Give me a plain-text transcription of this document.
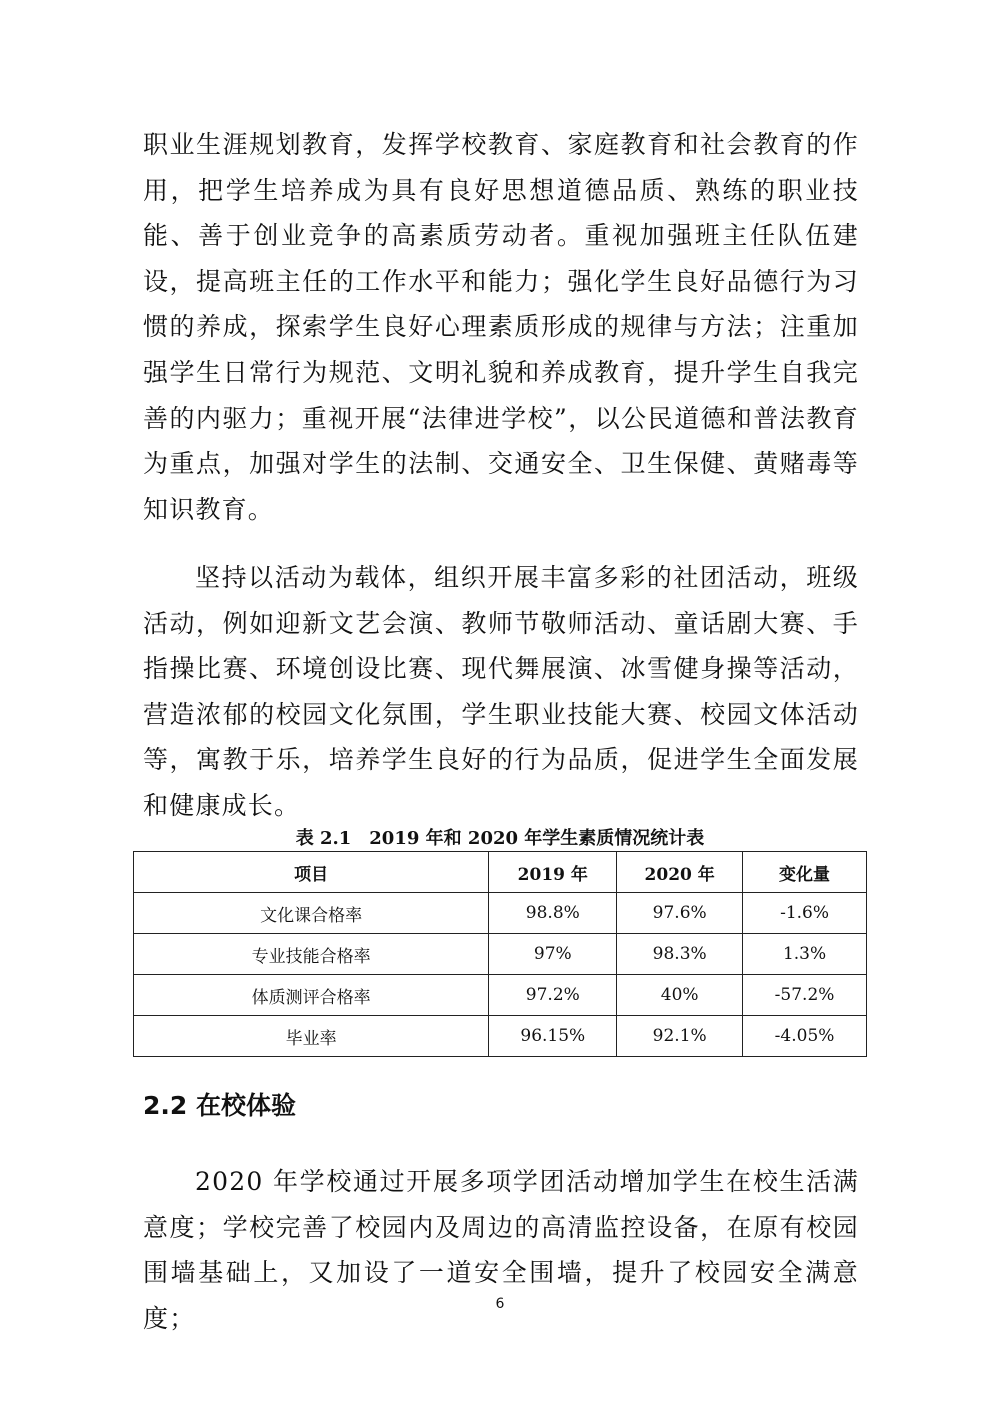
职业生涯规划教育，发挥学校教育、家庭教育和社会教育的作用，把学生培养成为具有良好思想道德品质、熟练的职业技能、善于创业竞争的高素质劳动者。重视加强班主任队伍建设，提高班主任的工作水平和能力；强化学生良好品德行为习惯的养成，探索学生良好心理素质形成的规律与方法；注重加强学生日常行为规范、文明礼貌和养成教育，提升学生自我完善的内驱力；重视开展“法律进学校”，以公民道德和普法教育为重点，加强对学生的法制、交通安全、卫生保健、黄赌毒等知识教育。

坚持以活动为载体，组织开展丰富多彩的社团活动，班级活动，例如迎新文艺会演、教师节敬师活动、童话剧大赛、手指操比赛、环境创设比赛、现代舞展演、冰雪健身操等活动，营造浓郁的校园文化氛围，学生职业技能大赛、校园文体活动等，寓教于乐，培养学生良好的行为品质，促进学生全面发展和健康成长。

表 2.1　2019 年和 2020 年学生素质情况统计表
项目	2019 年	2020 年	变化量
文化课合格率	98.8%	97.6%	-1.6%
专业技能合格率	97%	98.3%	1.3%
体质测评合格率	97.2%	40%	-57.2%
毕业率	96.15%	92.1%	-4.05%
2.2 在校体验

2020 年学校通过开展多项学团活动增加学生在校生活满意度；学校完善了校园内及周边的高清监控设备，在原有校园围墙基础上，又加设了一道安全围墙，提升了校园安全满意度；	6
